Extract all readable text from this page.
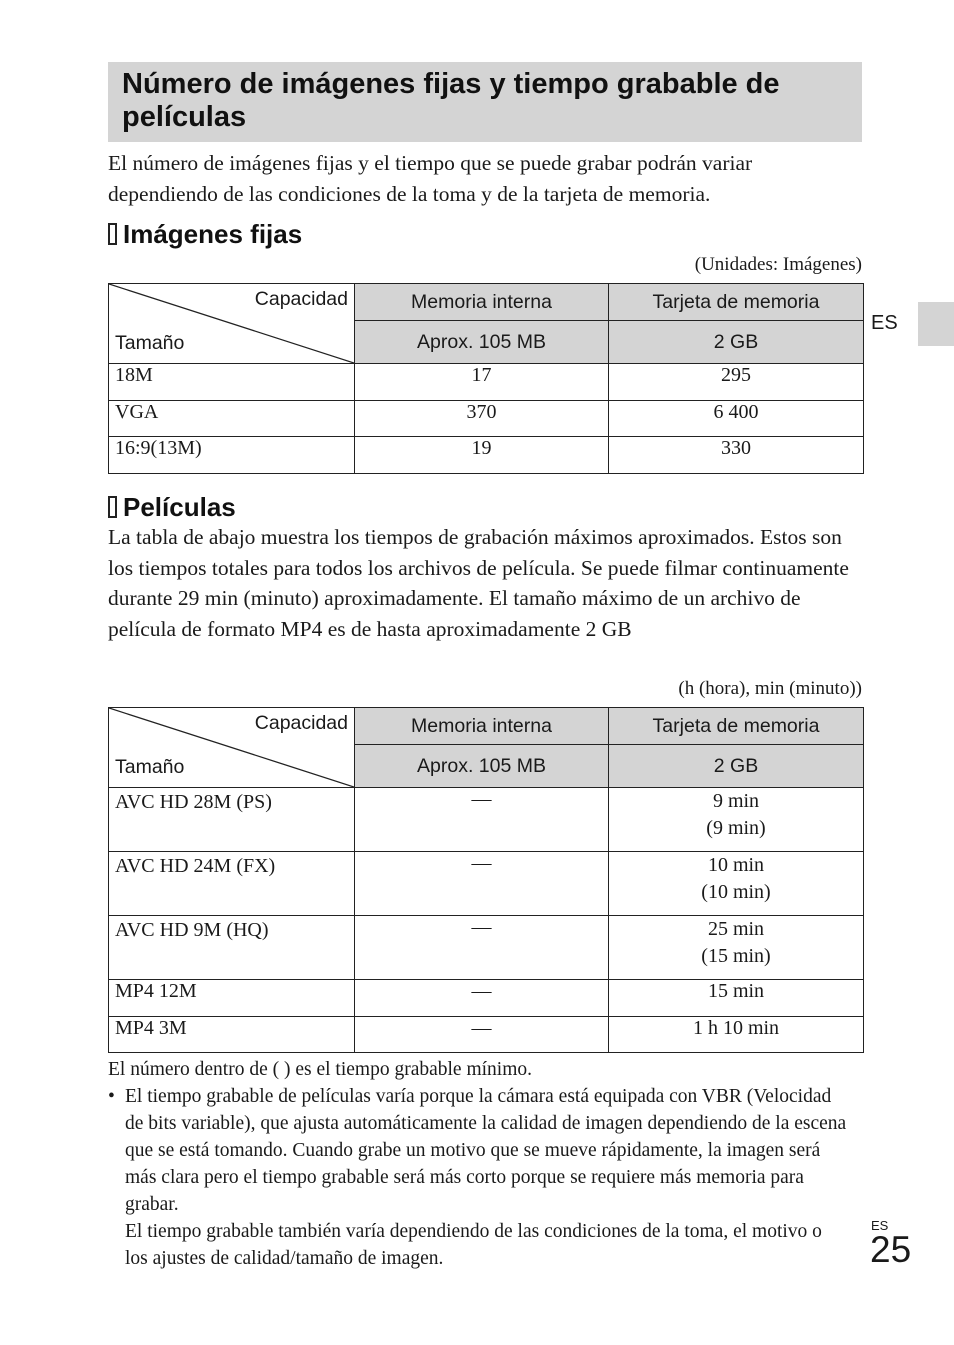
Número de imágenes fijas y tiempo grabable de películas

El número de imágenes fijas y el tiempo que se puede grabar podrán variar dependiendo de las condiciones de la toma y de la tarjeta de memoria.

ES
Imágenes fijas
(Unidades: Imágenes)
Capacidad
Tamaño	Memoria interna	Tarjeta de memoria
	Aprox. 105 MB	2 GB
18M	17	295
VGA	370	6 400
16:9(13M)	19	330
Películas

La tabla de abajo muestra los tiempos de grabación máximos aproximados. Estos son los tiempos totales para todos los archivos de película. Se puede filmar continuamente durante 29 min (minuto) aproximadamente. El tamaño máximo de un archivo de película de formato MP4 es de hasta aproximadamente 2 GB

(h (hora), min (minuto))
Capacidad
Tamaño	Memoria interna	Tarjeta de memoria
	Aprox. 105 MB	2 GB
AVC HD 28M (PS)	—	9 min
(9 min)

AVC HD 24M (FX)	—	10 min
(10 min)

AVC HD 9M (HQ)	—	25 min
(15 min)

MP4 12M	—	15 min
MP4 3M	—	1 h 10 min
El número dentro de ( ) es el tiempo grabable mínimo.
• El tiempo grabable de películas varía porque la cámara está equipada con VBR (Velocidad de bits variable), que ajusta automáticamente la calidad de imagen dependiendo de la escena que se está tomando. Cuando grabe un motivo que se mueve rápidamente, la imagen será más clara pero el tiempo grabable será más corto porque se requiere más memoria para grabar.
El tiempo grabable también varía dependiendo de las condiciones de la toma, el motivo o los ajustes de calidad/tamaño de imagen.
ES
25
